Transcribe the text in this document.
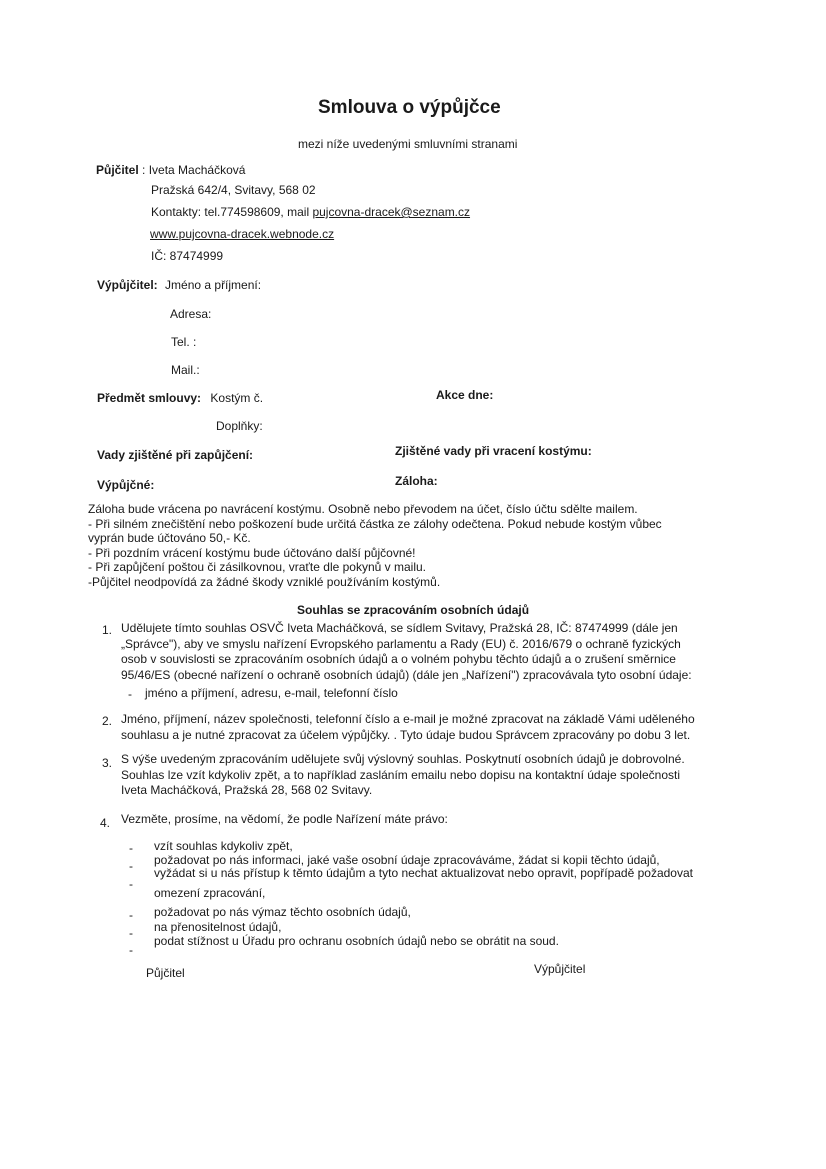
Smlouva o výpůjčce
mezi níže uvedenými smluvními stranami
Půjčitel : Iveta Macháčková
Pražská 642/4, Svitavy, 568 02
Kontakty: tel.774598609, mail pujcovna-dracek@seznam.cz
www.pujcovna-dracek.webnode.cz
IČ: 87474999
Výpůjčitel: Jméno a příjmení:
Adresa:
Tel. :
Mail.:
Předmět smlouvy: Kostým č.	Akce dne:
Doplňky:
Vady zjištěné při zapůjčení:	Zjištěné vady při vracení kostýmu:
Výpůjčné:	Záloha:
Záloha bude vrácena po navrácení kostýmu. Osobně nebo převodem na účet, číslo účtu sdělte mailem.
- Při silném znečištění nebo poškození bude určitá částka ze zálohy odečtena. Pokud nebude kostým vůbec
vyprán bude účtováno 50,- Kč.
- Při pozdním vrácení kostýmu bude účtováno další půjčovné!
- Při zapůjčení poštou či zásilkovnou, vraťte dle pokynů v mailu.
-Půjčitel neodpovídá za žádné škody vzniklé používáním kostýmů.
Souhlas se zpracováním osobních údajů
1. Udělujete tímto souhlas OSVČ Iveta Macháčková, se sídlem Svitavy, Pražská 28, IČ: 87474999 (dále jen
„Správce"), aby ve smyslu nařízení Evropského parlamentu a Rady (EU) č. 2016/679 o ochraně fyzických
osob v souvislosti se zpracováním osobních údajů a o volném pohybu těchto údajů a o zrušení směrnice
95/46/ES (obecné nařízení o ochraně osobních údajů) (dále jen „Nařízení") zpracovávala tyto osobní údaje:
- jméno a příjmení, adresu, e-mail, telefonní číslo
2. Jméno, příjmení, název společnosti, telefonní číslo a e-mail je možné zpracovat na základě Vámi uděleného
souhlasu a je nutné zpracovat za účelem výpůjčky. . Tyto údaje budou Správcem zpracovány po dobu 3 let.
3. S výše uvedeným zpracováním udělujete svůj výslovný souhlas. Poskytnutí osobních údajů je dobrovolné.
Souhlas lze vzít kdykoliv zpět, a to například zasláním emailu nebo dopisu na kontaktní údaje společnosti
Iveta Macháčková, Pražská 28, 568 02 Svitavy.
4. Vezměte, prosíme, na vědomí, že podle Nařízení máte právo:
- vzít souhlas kdykoliv zpět,
- požadovat po nás informaci, jaké vaše osobní údaje zpracováváme, žádat si kopii těchto údajů,
-
vyžádat si u nás přístup k těmto údajům a tyto nechat aktualizovat nebo opravit, popřípadě požadovat
omezení zpracování,
- požadovat po nás výmaz těchto osobních údajů,
- na přenositelnost údajů,
-
podat stížnost u Úřadu pro ochranu osobních údajů nebo se obrátit na soud.
Půjčitel	Výpůjčitel
